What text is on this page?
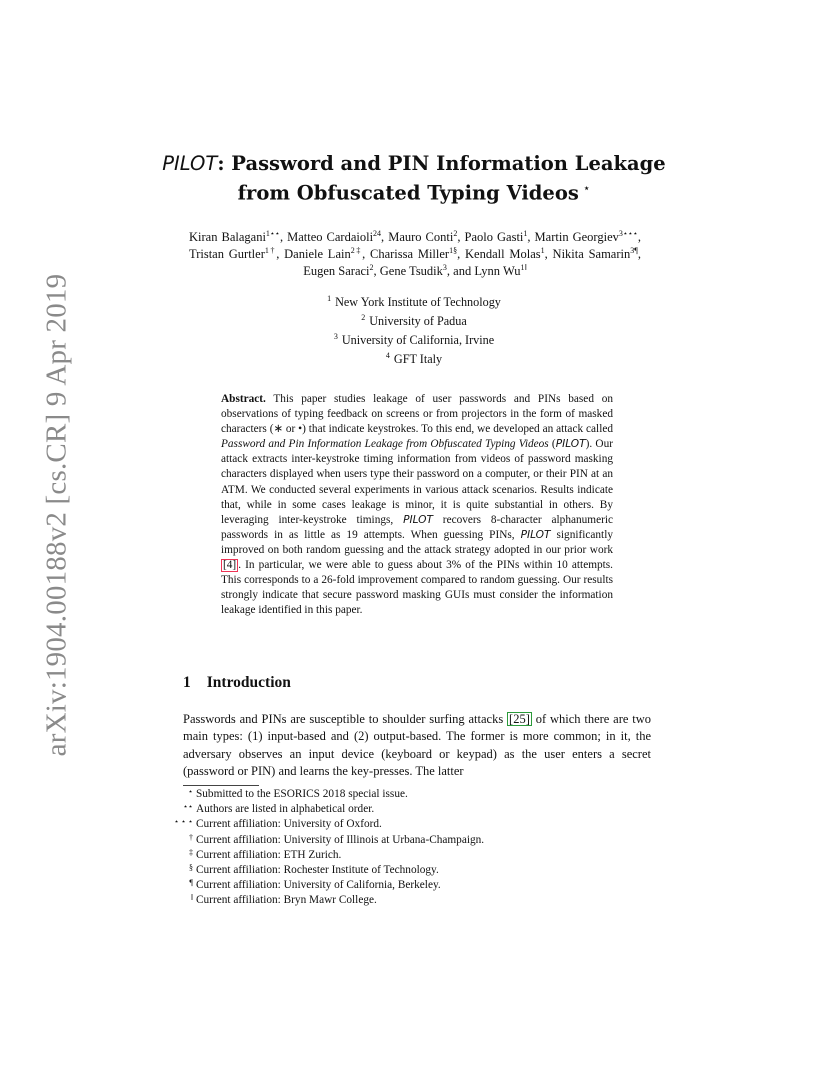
arXiv:1904.00188v2 [cs.CR] 9 Apr 2019
PILOT: Password and PIN Information Leakage
from Obfuscated Typing Videos ⋆
Kiran Balagani$^{1⋆⋆}$, Matteo Cardaioli$^{24}$, Mauro Conti$^2$, Paolo Gasti$^1$, Martin Georgiev$^{3⋆⋆⋆}$, Tristan Gurtler$^{1\dagger}$, Daniele Lain$^{2\ddagger}$, Charissa Miller$^{1\S}$, Kendall Molas$^1$, Nikita Samarin$^{3\P}$, Eugen Saraci$^2$, Gene Tsudik$^3$, and Lynn $Wu^{1‖}$
$^1$ New York Institute of Technology
$^2$ University of Padua
$^3$ University of California, Irvine
$^4$ GFT Italy
Abstract. This paper studies leakage of user passwords and PINs based on observations of typing feedback on screens or from projectors in the form of masked characters (∗ or •) that indicate keystrokes. To this end, we developed an attack called Password and Pin Information Leakage from Obfuscated Typing Videos (PILOT). Our attack extracts inter-keystroke timing information from videos of password masking characters displayed when users type their password on a computer, or their PIN at an ATM. We conducted several experiments in various attack scenarios. Results indicate that, while in some cases leakage is minor, it is quite substantial in others. By leveraging inter-keystroke timings, PILOT recovers 8-character alphanumeric passwords in as little as 19 attempts. When guessing PINs, PILOT significantly improved on both random guessing and the attack strategy adopted in our prior work [4] . In particular, we were able to guess about 3% of the PINs within 10 attempts. This corresponds to a 26-fold improvement compared to random guessing. Our results strongly indicate that secure password masking GUIs must consider the information leakage identified in this paper.
1 Introduction
Passwords and PINs are susceptible to shoulder surfing attacks [25] of which there are two main types: (1) input-based and (2) output-based. The former is more common; in it, the adversary observes an input device (keyboard or keypad) as the user enters a secret (password or PIN) and learns the key-presses. The latter
⋆ Submitted to the ESORICS 2018 special issue.
⋆⋆ Authors are listed in alphabetical order.
⋆ ⋆ ⋆ Current affiliation: University of Oxford.
† Current affiliation: University of Illinois at Urbana-Champaign.
‡ Current affiliation: ETH Zurich.
§ Current affiliation: Rochester Institute of Technology.
¶ Current affiliation: University of California, Berkeley.
‖ Current affiliation: Bryn Mawr College.
